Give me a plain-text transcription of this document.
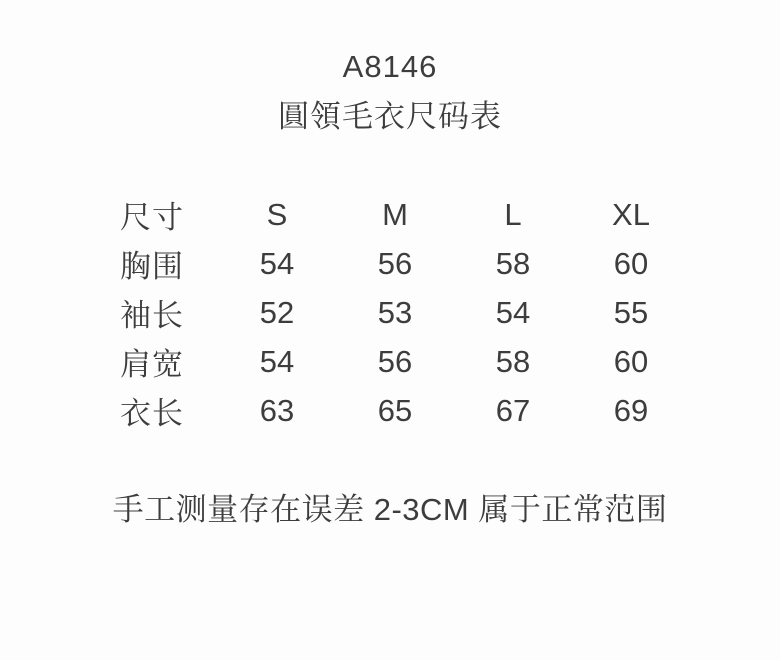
A8146
圓領毛衣尺码表
尺寸	S	M	L	XL
胸围	54	56	58	60
袖长	52	53	54	55
肩宽	54	56	58	60
衣长	63	65	67	69
手工测量存在误差 2-3CM 属于正常范围
